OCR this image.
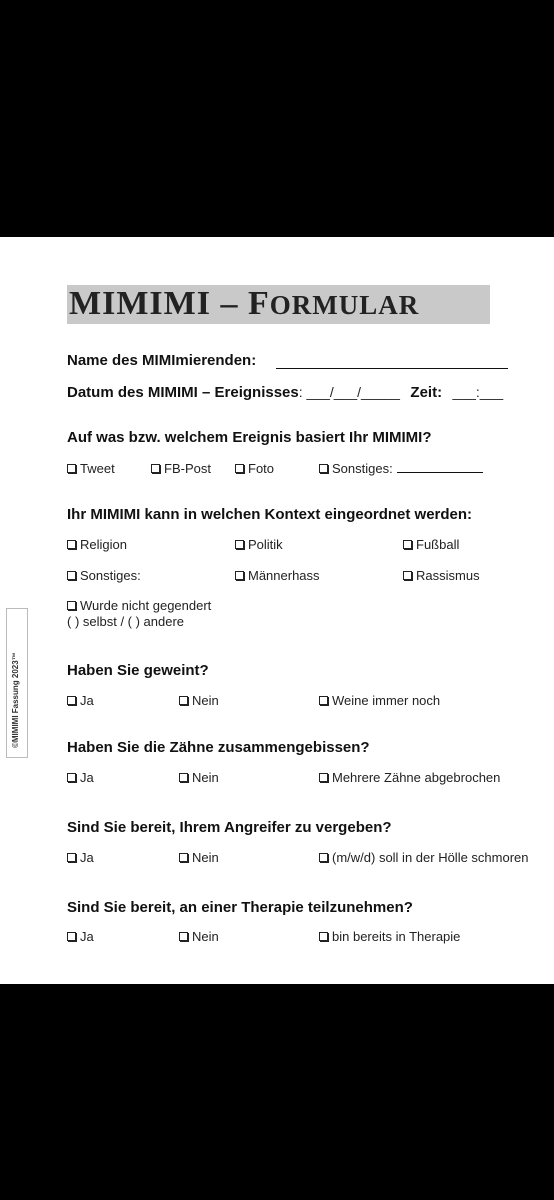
MIMIMI – FORMULAR
Name des MIMImierenden:
Datum des MIMIMI – Ereignisses: ___/___/_____ Zeit: ___:___
Auf was bzw. welchem Ereignis basiert Ihr MIMIMI?
Tweet	FB-Post	Foto	Sonstiges:
Ihr MIMIMI kann in welchen Kontext eingeordnet werden:
Religion	Politik	Fußball
Sonstiges:	Männerhass	Rassismus
Wurde nicht gegendert
( ) selbst / ( ) andere
Haben Sie geweint?
Ja	Nein	Weine immer noch
Haben Sie die Zähne zusammengebissen?
Ja	Nein	Mehrere Zähne abgebrochen
Sind Sie bereit, Ihrem Angreifer zu vergeben?
Ja	Nein	(m/w/d) soll in der Hölle schmoren
Sind Sie bereit, an einer Therapie teilzunehmen?
Ja	Nein	bin bereits in Therapie
©MIMIMI Fassung 2023™
